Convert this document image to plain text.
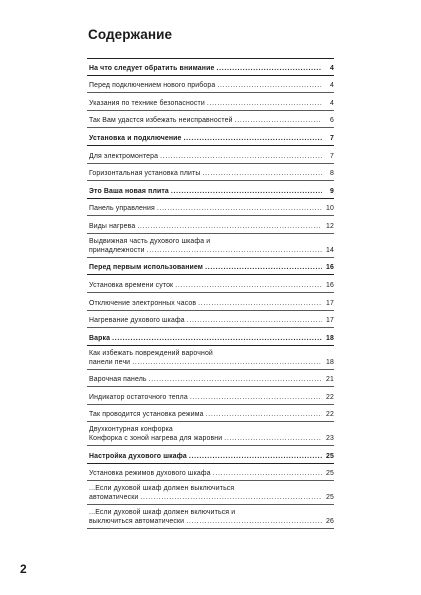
Содержание
На что следует обратить внимание . . .	4
Перед подключением нового прибора . . .	4
Указания по технике безопасности . . .	4
Так Вам удастся избежать неисправностей . . .	6
Установка и подключение . . .	7
Для электромонтера . . .	7
Горизонтальная установка плиты . . .	8
Это Ваша новая плита . . .	9
Панель управления . . .	10
Виды нагрева . . .	12
Выдвижная часть духового шкафа и
принадлежности . . .	14
Перед первым использованием . . .	16
Установка времени суток . . .	16
Отключение электронных часов . . .	17
Нагревание духового шкафа . . .	17
Варка . . .	18
Как избежать повреждений варочной
панели печи . . .	18
Варочная панель . . .	21
Индикатор остаточного тепла . . .	22
Так проводится установка режима . . .	22
Двухконтурная конфорка
Конфорка с зоной нагрева для жаровни . . .	23
Настройка духового шкафа . . .	25
Установка режимов духового шкафа . . .	25
...Если духовой шкаф должен выключиться
автоматически . . .	25
...Если духовой шкаф должен включиться и
выключиться автоматически . . .	26
2
